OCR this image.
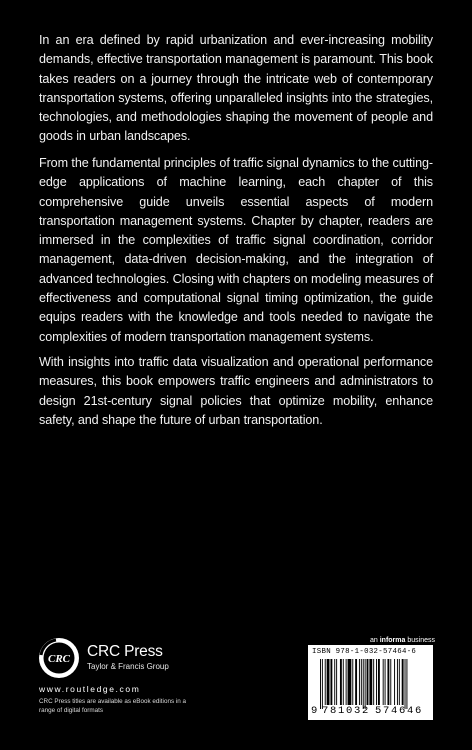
In an era defined by rapid urbanization and ever-increasing mobility demands, effective transportation management is paramount. This book takes readers on a journey through the intricate web of contemporary transportation systems, offering unparalleled insights into the strategies, technologies, and methodologies shaping the movement of people and goods in urban landscapes.

From the fundamental principles of traffic signal dynamics to the cutting-edge applications of machine learning, each chapter of this comprehensive guide unveils essential aspects of modern transportation management systems. Chapter by chapter, readers are immersed in the complexities of traffic signal coordination, corridor management, data-driven decision-making, and the integration of advanced technologies. Closing with chapters on modeling measures of effectiveness and computational signal timing optimization, the guide equips readers with the knowledge and tools needed to navigate the complexities of modern transportation management systems.

With insights into traffic data visualization and operational performance measures, this book empowers traffic engineers and administrators to design 21st-century signal policies that optimize mobility, enhance safety, and shape the future of urban transportation.

CRC CRC Press
Taylor & Francis Group
www.routledge.com
CRC Press titles are available as eBook editions in a range of digital formats
an informa business
ISBN 978-1-032-57464-6
9 781032 574646
